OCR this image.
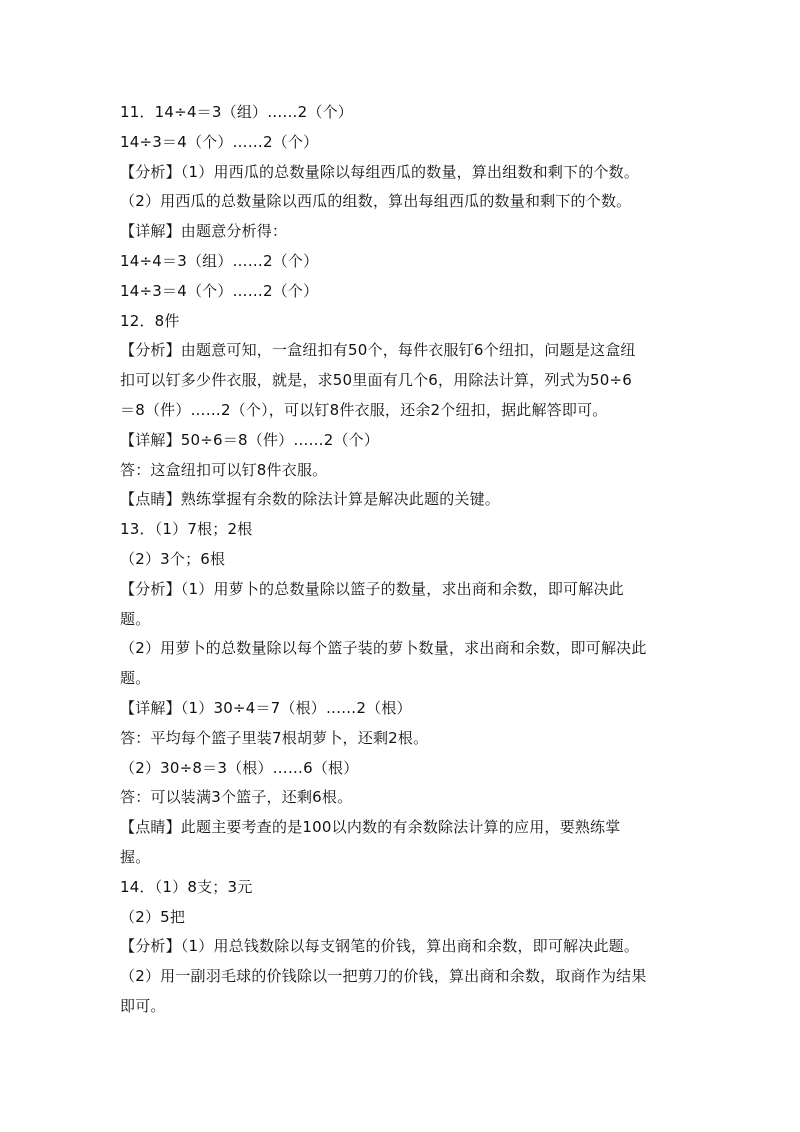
11．14÷4＝3（组）……2（个）
14÷3＝4（个）……2（个）
【分析】（1）用西瓜的总数量除以每组西瓜的数量，算出组数和剩下的个数。
（2）用西瓜的总数量除以西瓜的组数，算出每组西瓜的数量和剩下的个数。
【详解】由题意分析得：
14÷4＝3（组）……2（个）
14÷3＝4（个）……2（个）
12．8件
【分析】由题意可知，一盒纽扣有50个，每件衣服钉6个纽扣，问题是这盒纽
扣可以钉多少件衣服，就是，求50里面有几个6，用除法计算，列式为50÷6
＝8（件）……2（个），可以钉8件衣服，还余2个纽扣，据此解答即可。
【详解】50÷6＝8（件）……2（个）
答：这盒纽扣可以钉8件衣服。
【点睛】熟练掌握有余数的除法计算是解决此题的关键。
13．（1）7根；2根
（2）3个；6根
【分析】（1）用萝卜的总数量除以篮子的数量，求出商和余数，即可解决此
题。
（2）用萝卜的总数量除以每个篮子装的萝卜数量，求出商和余数，即可解决此
题。
【详解】（1）30÷4＝7（根）……2（根）
答：平均每个篮子里装7根胡萝卜，还剩2根。
（2）30÷8＝3（根）……6（根）
答：可以装满3个篮子，还剩6根。
【点睛】此题主要考查的是100以内数的有余数除法计算的应用，要熟练掌
握。
14．（1）8支；3元
（2）5把
【分析】（1）用总钱数除以每支钢笔的价钱，算出商和余数，即可解决此题。
（2）用一副羽毛球的价钱除以一把剪刀的价钱，算出商和余数，取商作为结果
即可。
